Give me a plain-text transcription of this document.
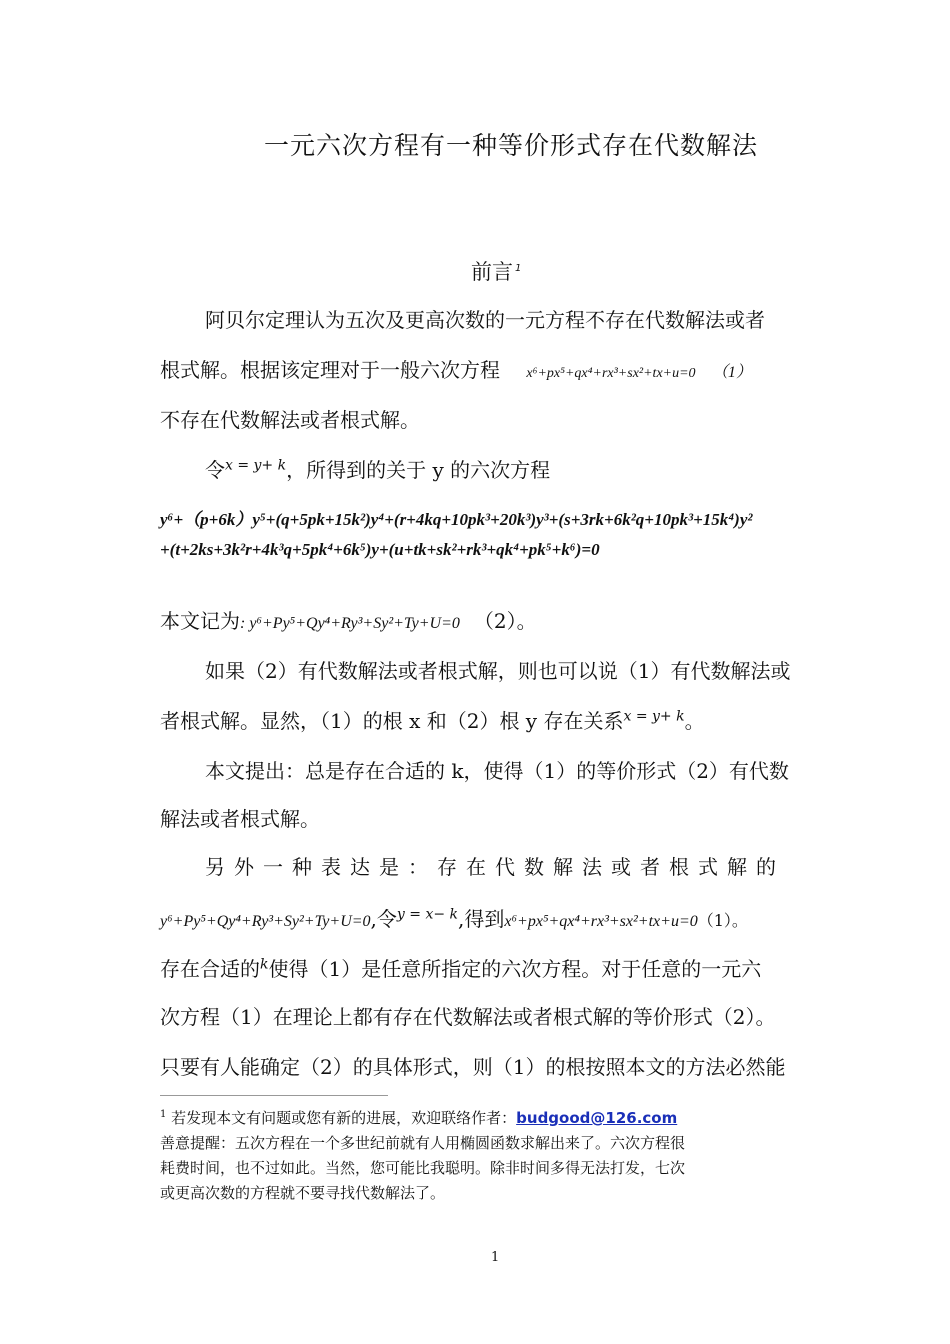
一元六次方程有一种等价形式存在代数解法
前言 $^1$
阿贝尔定理认为五次及更高次数的一元方程不存在代数解法或者
根式解。根据该定理对于一般六次方程 x⁶+px⁵+qx⁴+rx³+sx²+tx+u=0 （1）
不存在代数解法或者根式解。
令$^{x = y+ k}$，所得到的关于 y 的六次方程
y⁶+（p+6k）y⁵+(q+5pk+15k²)y⁴+(r+4kq+10pk³+20k³)y³+(s+3rk+6k²q+10pk³+15k⁴)y²
+(t+2ks+3k²r+4k³q+5pk⁴+6k⁵)y+(u+tk+sk²+rk³+qk⁴+pk⁵+k⁶)=0
本文记为: y⁶+Py⁵+Qy⁴+Ry³+Sy²+Ty+U=0 （2）。
如果（2）有代数解法或者根式解，则也可以说（1）有代数解法或
者根式解。显然，（1）的根 x 和（2）根 y 存在关系$^{x = y+ k}$。
本文提出：总是存在合适的 k，使得（1）的等价形式（2）有代数
解法或者根式解。
另外一种表达是：存在代数解法或者根式解的
y⁶+Py⁵+Qy⁴+Ry³+Sy²+Ty+U=0,令$^{y = x- k}$,得到x⁶+px⁵+qx⁴+rx³+sx²+tx+u=0（1）。
存在合适的$^k$使得（1）是任意所指定的六次方程。对于任意的一元六
次方程（1）在理论上都有存在代数解法或者根式解的等价形式（2）。
只要有人能确定（2）的具体形式，则（1）的根按照本文的方法必然能
$^1$ 若发现本文有问题或您有新的进展，欢迎联络作者：budgood@126.com
善意提醒：五次方程在一个多世纪前就有人用椭圆函数求解出来了。六次方程很
耗费时间，也不过如此。当然，您可能比我聪明。除非时间多得无法打发，七次
或更高次数的方程就不要寻找代数解法了。
1
